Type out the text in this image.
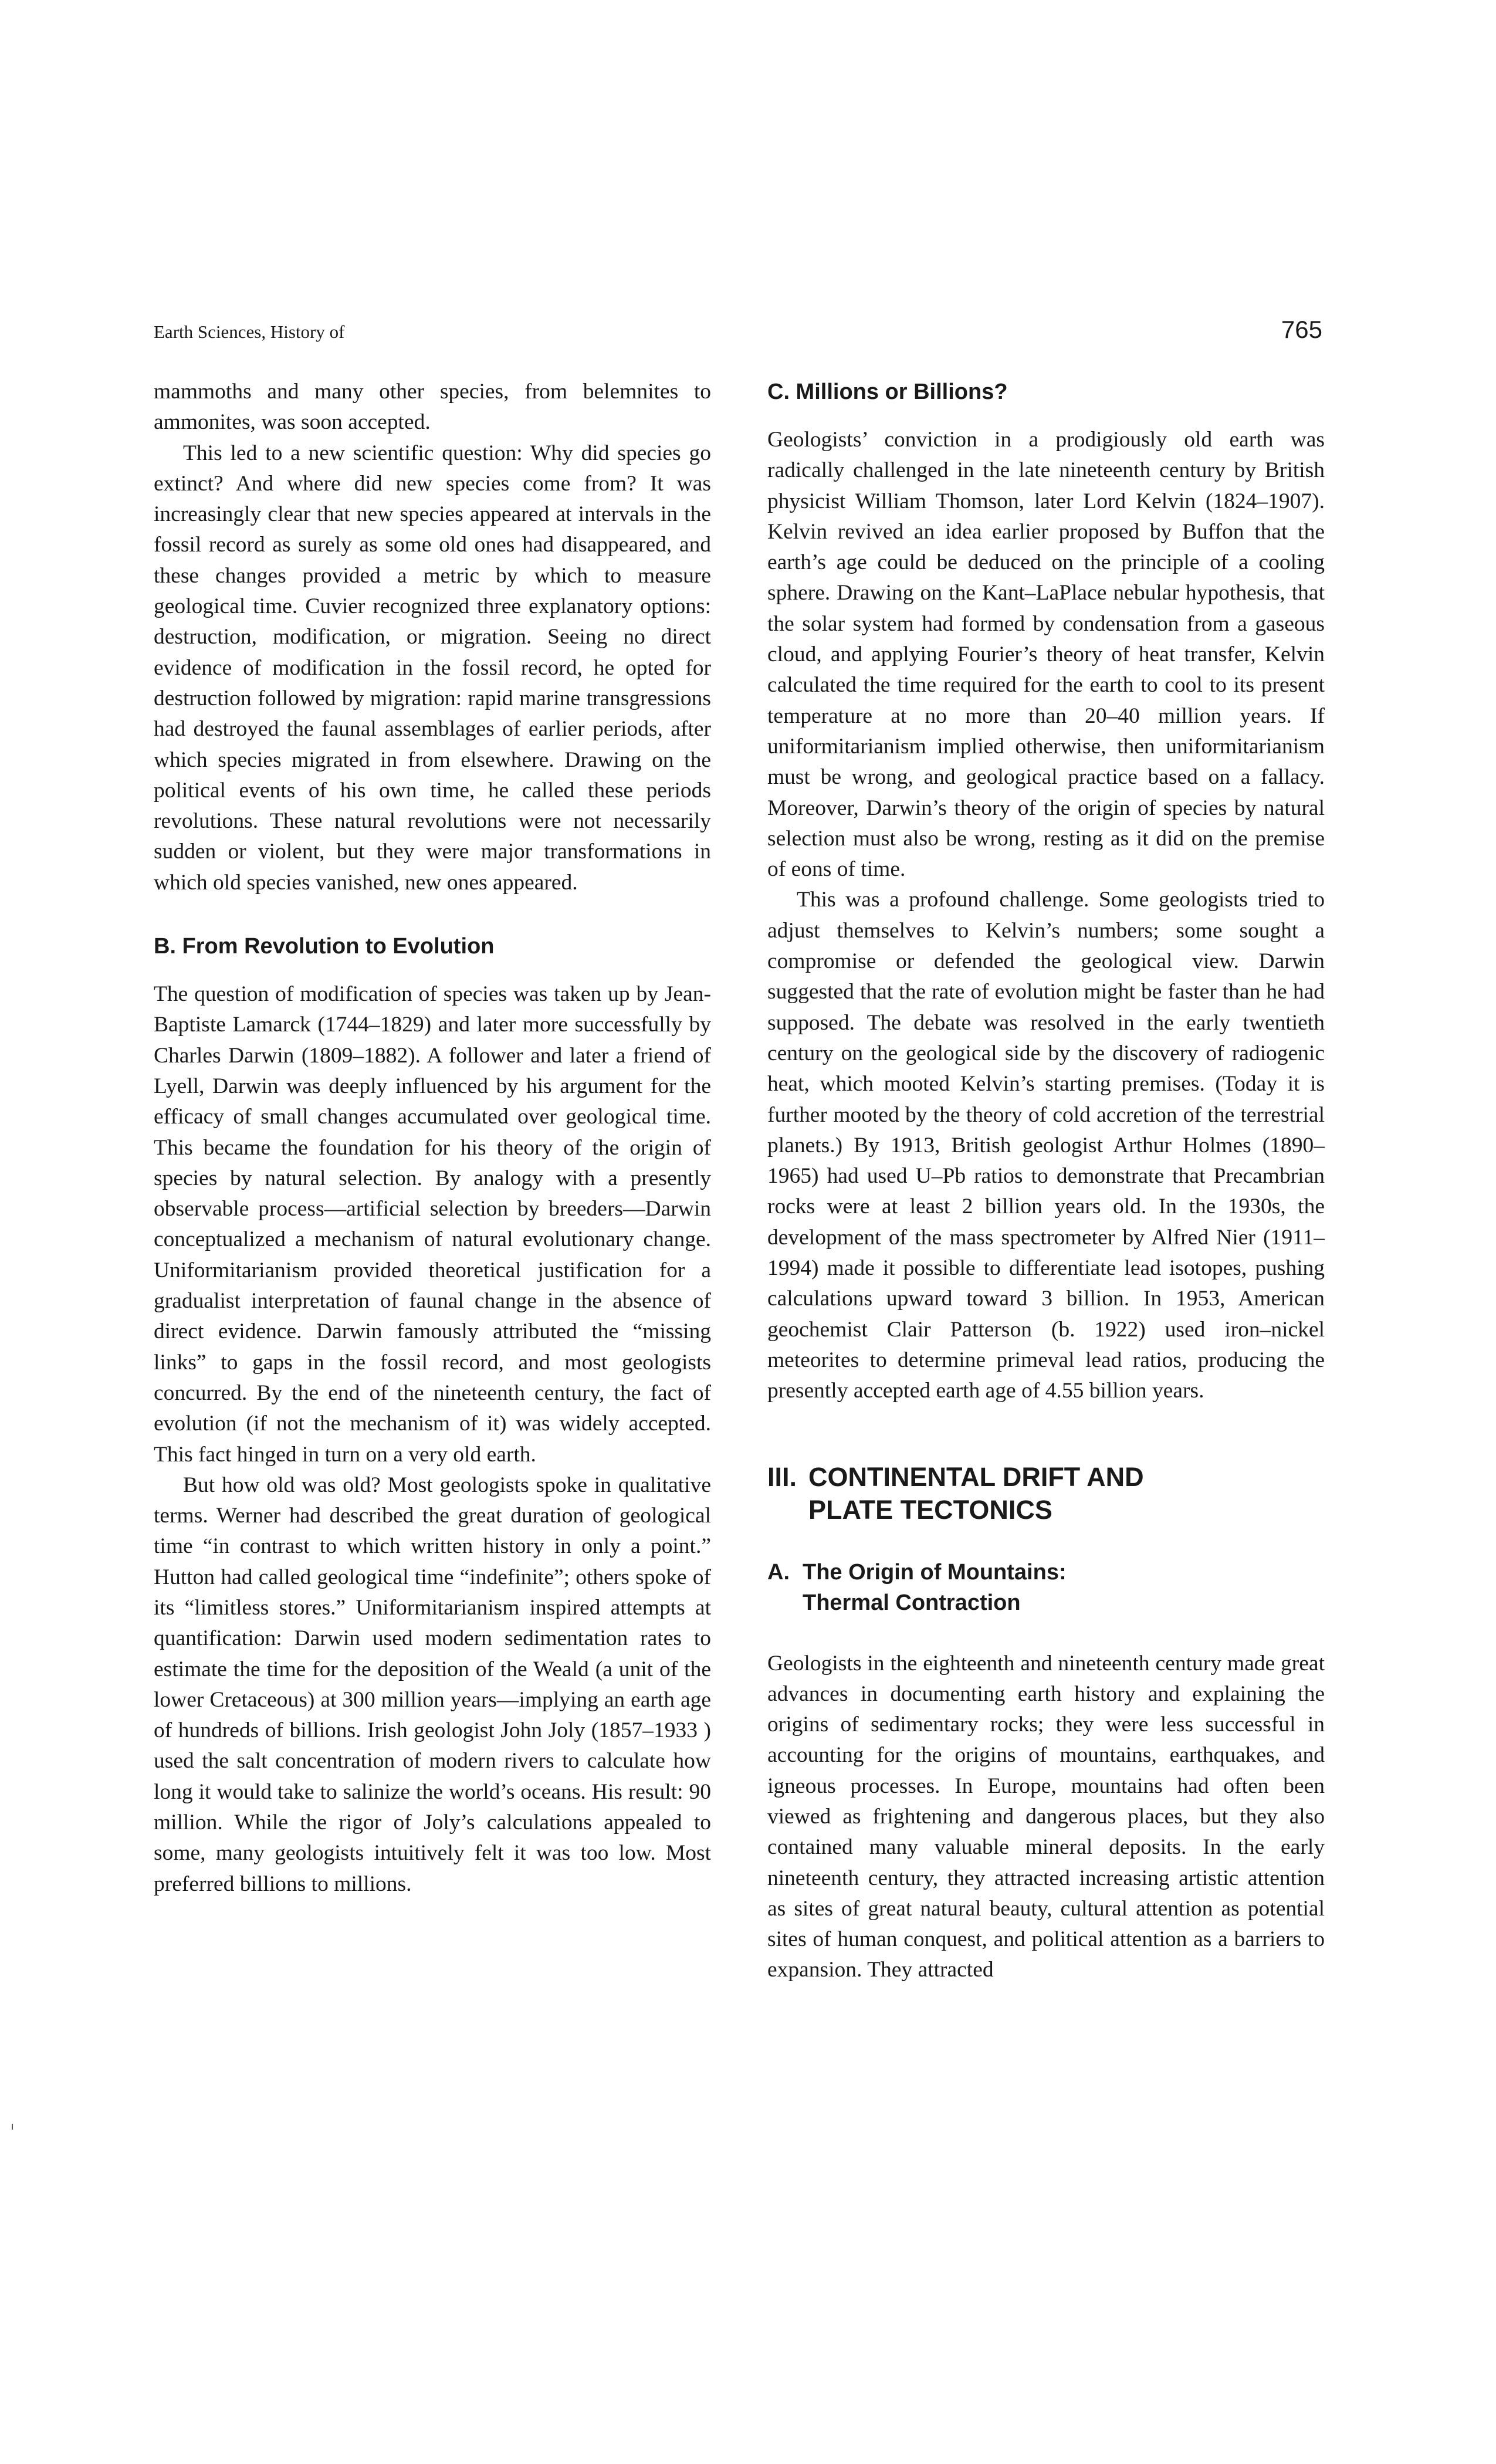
Earth Sciences, History of	765

mammoths and many other species, from belemnites to ammonites, was soon accepted.

This led to a new scientific question: Why did species go extinct? And where did new species come from? It was increasingly clear that new species appeared at intervals in the fossil record as surely as some old ones had disappeared, and these changes provided a metric by which to measure geological time. Cuvier recognized three explanatory options: destruction, modification, or migration. Seeing no direct evidence of modification in the fossil record, he opted for destruction followed by migration: rapid marine transgressions had destroyed the faunal assemblages of earlier periods, after which species migrated in from elsewhere. Drawing on the political events of his own time, he called these periods revolutions. These natural revolutions were not necessarily sudden or violent, but they were major transformations in which old species vanished, new ones appeared.

B. From Revolution to Evolution

The question of modification of species was taken up by Jean-Baptiste Lamarck (1744–1829) and later more successfully by Charles Darwin (1809–1882). A follower and later a friend of Lyell, Darwin was deeply influenced by his argument for the efficacy of small changes accumulated over geological time. This became the foundation for his theory of the origin of species by natural selection. By analogy with a presently observable process—artificial selection by breeders—Darwin conceptualized a mechanism of natural evolutionary change. Uniformitarianism provided theoretical justification for a gradualist interpretation of faunal change in the absence of direct evidence. Darwin famously attributed the “missing links” to gaps in the fossil record, and most geologists concurred. By the end of the nineteenth century, the fact of evolution (if not the mechanism of it) was widely accepted. This fact hinged in turn on a very old earth.

But how old was old? Most geologists spoke in qualitative terms. Werner had described the great duration of geological time “in contrast to which written history in only a point.” Hutton had called geological time “indefinite”; others spoke of its “limitless stores.” Uniformitarianism inspired attempts at quantification: Darwin used modern sedimentation rates to estimate the time for the deposition of the Weald (a unit of the lower Cretaceous) at 300 million years—implying an earth age of hundreds of billions. Irish geologist John Joly (1857–1933 ) used the salt concentration of modern rivers to calculate how long it would take to salinize the world’s oceans. His result: 90 million. While the rigor of Joly’s calculations appealed to some, many geologists intuitively felt it was too low. Most preferred billions to millions.

C. Millions or Billions?

Geologists’ conviction in a prodigiously old earth was radically challenged in the late nineteenth century by British physicist William Thomson, later Lord Kelvin (1824–1907). Kelvin revived an idea earlier proposed by Buffon that the earth’s age could be deduced on the principle of a cooling sphere. Drawing on the Kant–LaPlace nebular hypothesis, that the solar system had formed by condensation from a gaseous cloud, and applying Fourier’s theory of heat transfer, Kelvin calculated the time required for the earth to cool to its present temperature at no more than 20–40 million years. If uniformitarianism implied otherwise, then uniformitarianism must be wrong, and geological practice based on a fallacy. Moreover, Darwin’s theory of the origin of species by natural selection must also be wrong, resting as it did on the premise of eons of time.

This was a profound challenge. Some geologists tried to adjust themselves to Kelvin’s numbers; some sought a compromise or defended the geological view. Darwin suggested that the rate of evolution might be faster than he had supposed. The debate was resolved in the early twentieth century on the geological side by the discovery of radiogenic heat, which mooted Kelvin’s starting premises. (Today it is further mooted by the theory of cold accretion of the terrestrial planets.) By 1913, British geologist Arthur Holmes (1890–1965) had used U–Pb ratios to demonstrate that Precambrian rocks were at least 2 billion years old. In the 1930s, the development of the mass spectrometer by Alfred Nier (1911–1994) made it possible to differentiate lead isotopes, pushing calculations upward toward 3 billion. In 1953, American geochemist Clair Patterson (b. 1922) used iron–nickel meteorites to determine primeval lead ratios, producing the presently accepted earth age of 4.55 billion years.

III. CONTINENTAL DRIFT AND PLATE TECTONICS
A. The Origin of Mountains: Thermal Contraction

Geologists in the eighteenth and nineteenth century made great advances in documenting earth history and explaining the origins of sedimentary rocks; they were less successful in accounting for the origins of mountains, earthquakes, and igneous processes. In Europe, mountains had often been viewed as frightening and dangerous places, but they also contained many valuable mineral deposits. In the early nineteenth century, they attracted increasing artistic attention as sites of great natural beauty, cultural attention as potential sites of human conquest, and political attention as a barriers to expansion. They attracted
